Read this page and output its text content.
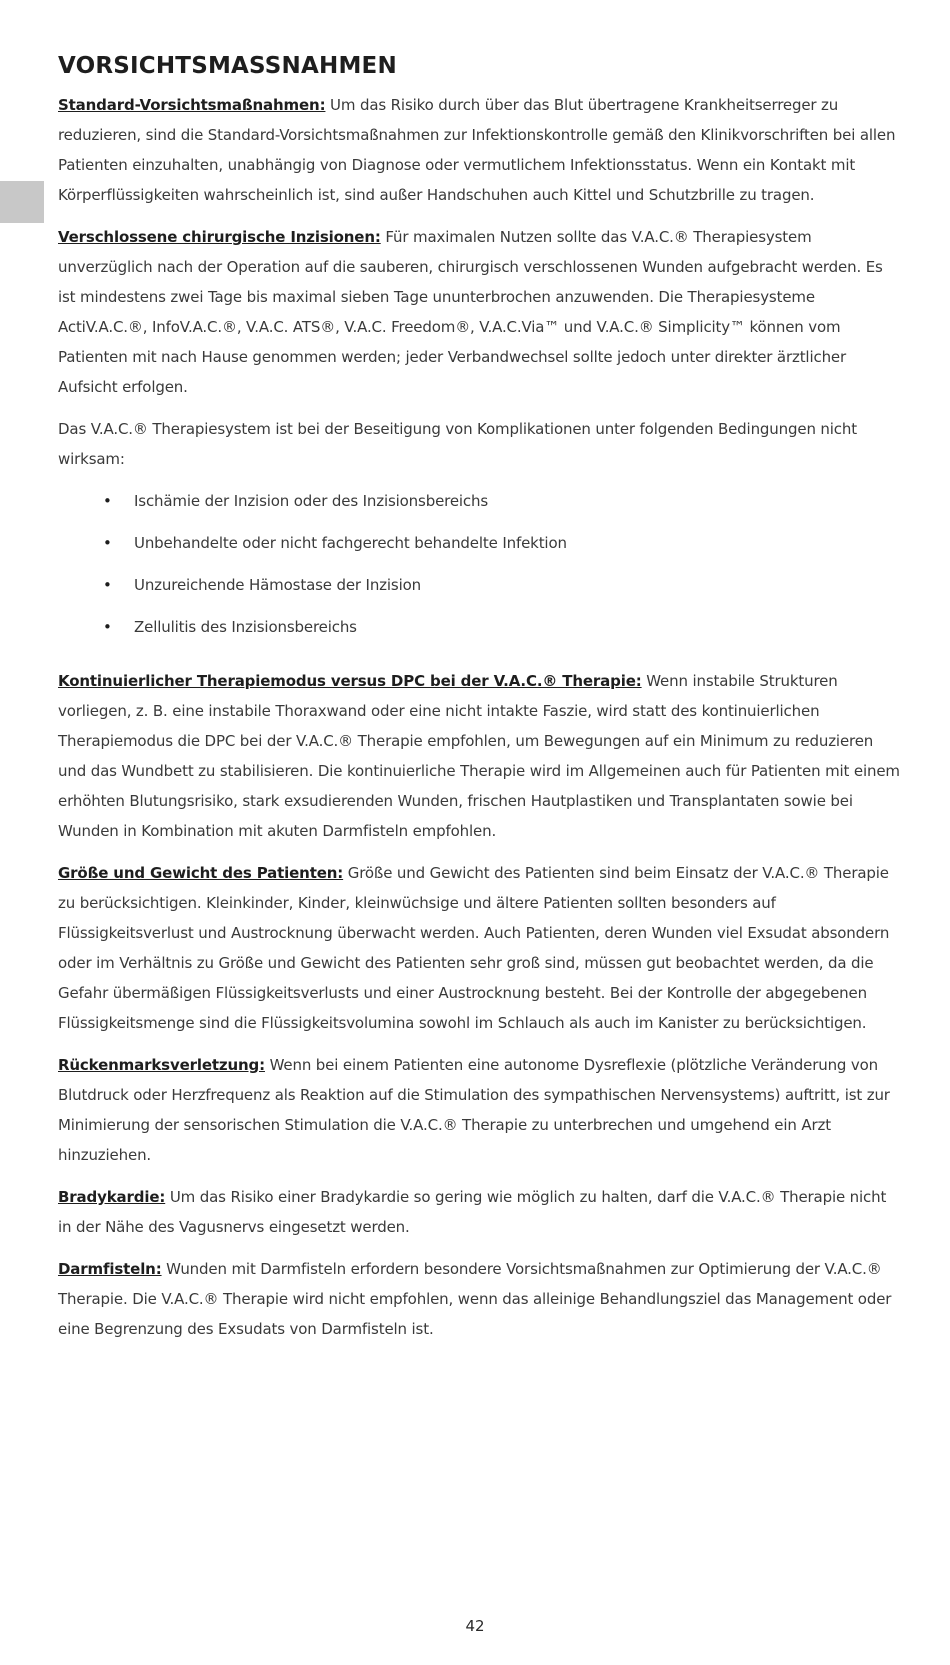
VORSICHTSMASSNAHMEN

Standard-Vorsichtsmaßnahmen: Um das Risiko durch über das Blut übertragene Krankheitserreger zu reduzieren, sind die Standard-Vorsichtsmaßnahmen zur Infektionskontrolle gemäß den Klinikvorschriften bei allen Patienten einzuhalten, unabhängig von Diagnose oder vermutlichem Infektionsstatus. Wenn ein Kontakt mit Körperflüssigkeiten wahrscheinlich ist, sind außer Handschuhen auch Kittel und Schutzbrille zu tragen.

Verschlossene chirurgische Inzisionen: Für maximalen Nutzen sollte das V.A.C.® Therapiesystem unverzüglich nach der Operation auf die sauberen, chirurgisch verschlossenen Wunden aufgebracht werden. Es ist mindestens zwei Tage bis maximal sieben Tage ununterbrochen anzuwenden. Die Therapiesysteme ActiV.A.C.®, InfoV.A.C.®, V.A.C. ATS®, V.A.C. Freedom®, V.A.C.Via™ und V.A.C.® Simplicity™ können vom Patienten mit nach Hause genommen werden; jeder Verbandwechsel sollte jedoch unter direkter ärztlicher Aufsicht erfolgen.

Das V.A.C.® Therapiesystem ist bei der Beseitigung von Komplikationen unter folgenden Bedingungen nicht wirksam:

• Ischämie der Inzision oder des Inzisionsbereichs
• Unbehandelte oder nicht fachgerecht behandelte Infektion
• Unzureichende Hämostase der Inzision
• Zellulitis des Inzisionsbereichs

Kontinuierlicher Therapiemodus versus DPC bei der V.A.C.® Therapie: Wenn instabile Strukturen vorliegen, z. B. eine instabile Thoraxwand oder eine nicht intakte Faszie, wird statt des kontinuierlichen Therapiemodus die DPC bei der V.A.C.® Therapie empfohlen, um Bewegungen auf ein Minimum zu reduzieren und das Wundbett zu stabilisieren. Die kontinuierliche Therapie wird im Allgemeinen auch für Patienten mit einem erhöhten Blutungsrisiko, stark exsudierenden Wunden, frischen Hautplastiken und Transplantaten sowie bei Wunden in Kombination mit akuten Darmfisteln empfohlen.

Größe und Gewicht des Patienten: Größe und Gewicht des Patienten sind beim Einsatz der V.A.C.® Therapie zu berücksichtigen. Kleinkinder, Kinder, kleinwüchsige und ältere Patienten sollten besonders auf Flüssigkeitsverlust und Austrocknung überwacht werden. Auch Patienten, deren Wunden viel Exsudat absondern oder im Verhältnis zu Größe und Gewicht des Patienten sehr groß sind, müssen gut beobachtet werden, da die Gefahr übermäßigen Flüssigkeitsverlusts und einer Austrocknung besteht. Bei der Kontrolle der abgegebenen Flüssigkeitsmenge sind die Flüssigkeitsvolumina sowohl im Schlauch als auch im Kanister zu berücksichtigen.

Rückenmarksverletzung: Wenn bei einem Patienten eine autonome Dysreflexie (plötzliche Veränderung von Blutdruck oder Herzfrequenz als Reaktion auf die Stimulation des sympathischen Nervensystems) auftritt, ist zur Minimierung der sensorischen Stimulation die V.A.C.® Therapie zu unterbrechen und umgehend ein Arzt hinzuziehen.

Bradykardie: Um das Risiko einer Bradykardie so gering wie möglich zu halten, darf die V.A.C.® Therapie nicht in der Nähe des Vagusnervs eingesetzt werden.

Darmfisteln: Wunden mit Darmfisteln erfordern besondere Vorsichtsmaßnahmen zur Optimierung der V.A.C.® Therapie. Die V.A.C.® Therapie wird nicht empfohlen, wenn das alleinige Behandlungsziel das Management oder eine Begrenzung des Exsudats von Darmfisteln ist.

42
